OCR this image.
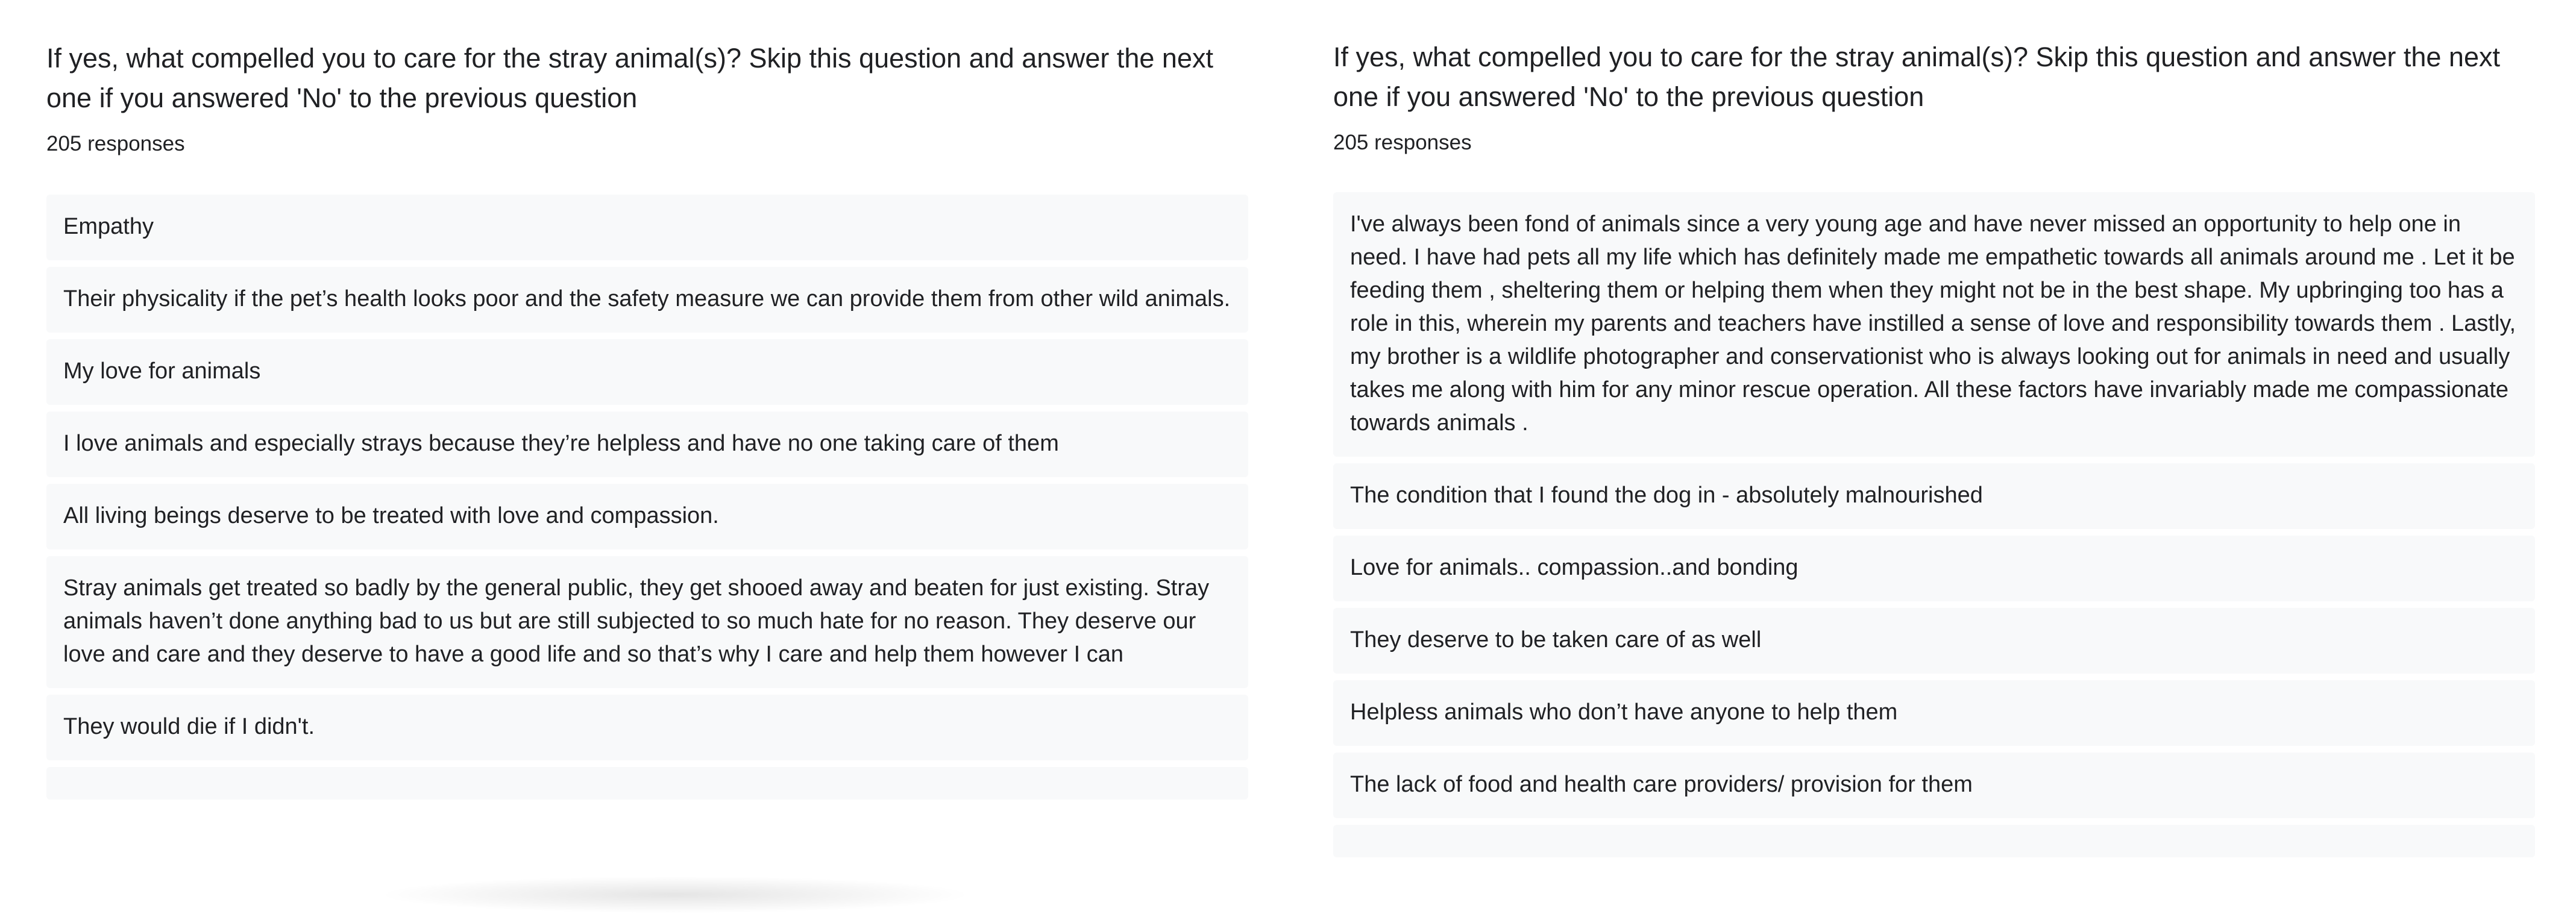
If yes, what compelled you to care for the stray animal(s)? Skip this question and answer the next one if you answered 'No' to the previous question
205 responses
Empathy
Their physicality if the pet’s health looks poor and the safety measure we can provide them from other wild animals.
My love for animals
I love animals and especially strays because they’re helpless and have no one taking care of them
All living beings deserve to be treated with love and compassion.
Stray animals get treated so badly by the general public, they get shooed away and beaten for just existing. Stray animals haven’t done anything bad to us but are still subjected to so much hate for no reason. They deserve our love and care and they deserve to have a good life and so that’s why I care and help them however I can
They would die if I didn't.
If yes, what compelled you to care for the stray animal(s)? Skip this question and answer the next one if you answered 'No' to the previous question
205 responses
I've always been fond of animals since a very young age and have never missed an opportunity to help one in need. I have had pets all my life which has definitely made me empathetic towards all animals around me . Let it be feeding them , sheltering them or helping them when they might not be in the best shape. My upbringing too has a role in this, wherein my parents and teachers have instilled a sense of love and responsibility towards them . Lastly, my brother is a wildlife photographer and conservationist who is always looking out for animals in need and usually takes me along with him for any minor rescue operation. All these factors have invariably made me compassionate towards animals .
The condition that I found the dog in - absolutely malnourished
Love for animals.. compassion..and bonding
They deserve to be taken care of as well
Helpless animals who don’t have anyone to help them
The lack of food and health care providers/ provision for them
